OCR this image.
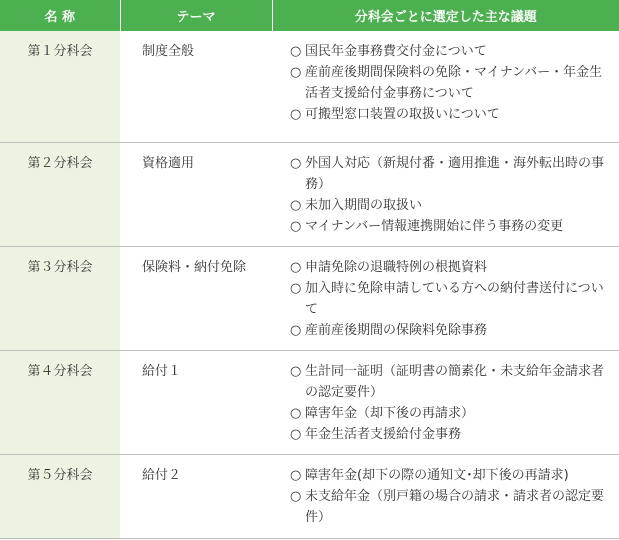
名 称	テーマ	分科会ごとに選定した主な議題
第１分科会	制度全般	○ 国民年金事務費交付金について
○ 産前産後期間保険料の免除・マイナンバー・年金生活者支援給付金事務について
○ 可搬型窓口装置の取扱いについて

第２分科会	資格適用	○ 外国人対応（新規付番・適用推進・海外転出時の事務）
○ 未加入期間の取扱い
○ マイナンバー情報連携開始に伴う事務の変更

第３分科会	保険料・納付免除	○ 申請免除の退職特例の根拠資料
○ 加入時に免除申請している方への納付書送付について
○ 産前産後期間の保険料免除事務

第４分科会	給付１	○ 生計同一証明（証明書の簡素化・未支給年金請求者の認定要件）
○ 障害年金（却下後の再請求）
○ 年金生活者支援給付金事務

第５分科会	給付２	○ 障害年金(却下の際の通知文･却下後の再請求)
○ 未支給年金（別戸籍の場合の請求・請求者の認定要件）
